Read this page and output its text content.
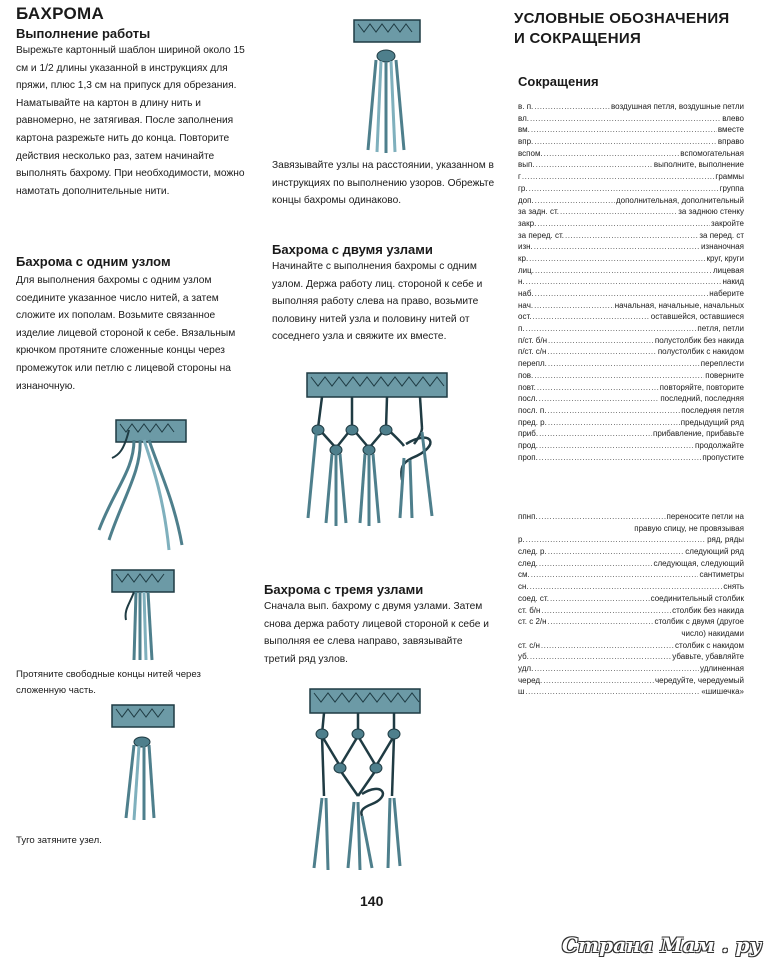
БАХРОМА
Выполнение работы
Вырежьте картонный шаблон шириной около 15 см и 1/2 длины указанной в инструкциях для пряжи, плюс 1,3 см на припуск для обрезания. Наматывайте на картон в длину нить и равномерно, не затягивая. После заполнения картона разрежьте нить до конца. Повторите действия несколько раз, затем начинайте выполнять бахрому. При необходимости, можно намотать дополнительные нити.
Бахрома с одним узлом
Для выполнения бахромы с одним узлом соедините указанное число нитей, а затем сложите их пополам. Возьмите связанное изделие лицевой стороной к себе. Вязальным крючком протяните сложенные концы через промежуток или петлю с лицевой стороны на изнаночную.
Протяните свободные концы нитей через сложенную часть.
Туго затяните узел.
Завязывайте узлы на расстоянии, указанном в инструкциях по выполнению узоров. Обрежьте концы бахромы одинаково.
Бахрома с двумя узлами
Начинайте с выполнения бахромы с одним узлом. Держа работу лиц. стороной к себе и выполняя работу слева на право, возьмите половину нитей узла и половину нитей от соседнего узла и свяжите их вместе.
Бахрома с тремя узлами
Сначала вып. бахрому с двумя узлами. Затем снова держа работу лицевой стороной к себе и выполняя ее слева направо, завязывайте третий ряд узлов.
140
УСЛОВНЫЕ ОБОЗНАЧЕНИЯ
И СОКРАЩЕНИЯ
Сокращения
в. п. .....	воздушная петля, воздушные петли
вл. .....	влево
вм. .....	вместе
впр. .....	вправо
вспом. .....	вспомогательная
вып. .....	выполните, выполнение
г .....	граммы
гр. .....	группа
доп. .....	дополнительная, дополнительный
за задн. ст. .....	за заднюю стенку
закр. .....	закройте
за перед. ст. .....	за перед. ст
изн. .....	изнаночная
кр. .....	круг, круги
лиц. .....	лицевая
н. .....	накид
наб. .....	наберите
нач. .....	начальная, начальные, начальных
ост. .....	оставшейся, оставшиеся
п. .....	петля, петли
п/ст. б/н .....	полустолбик без накида
п/ст. с/н .....	полустолбик с накидом
перепл. .....	переплести
пов. .....	поверните
повт. .....	повторяйте, повторите
посл. .....	последний, последняя
посл. п. .....	последняя петля
пред. р. .....	предыдущий ряд
приб. .....	прибавление, прибавьте
прод. .....	продолжайте
проп. .....	пропустите
ппнп. .....	переносите петли на
правую спицу, не провязывая
р. .....	ряд, ряды
след. р. .....	следующий ряд
след. .....	следующая, следующий
см. .....	сантиметры
сн. .....	снять
соед. ст. .....	соединительный столбик
ст. б/н .....	столбик без накида
ст. с 2/н .....	столбик с двумя (другое
число) накидами
ст. с/н .....	столбик с накидом
уб. .....	убавьте, убавляйте
удл. .....	удлиненная
черед. .....	чередуйте, чередуемый
ш .....	«шишечка»
Страна Мам . ру
